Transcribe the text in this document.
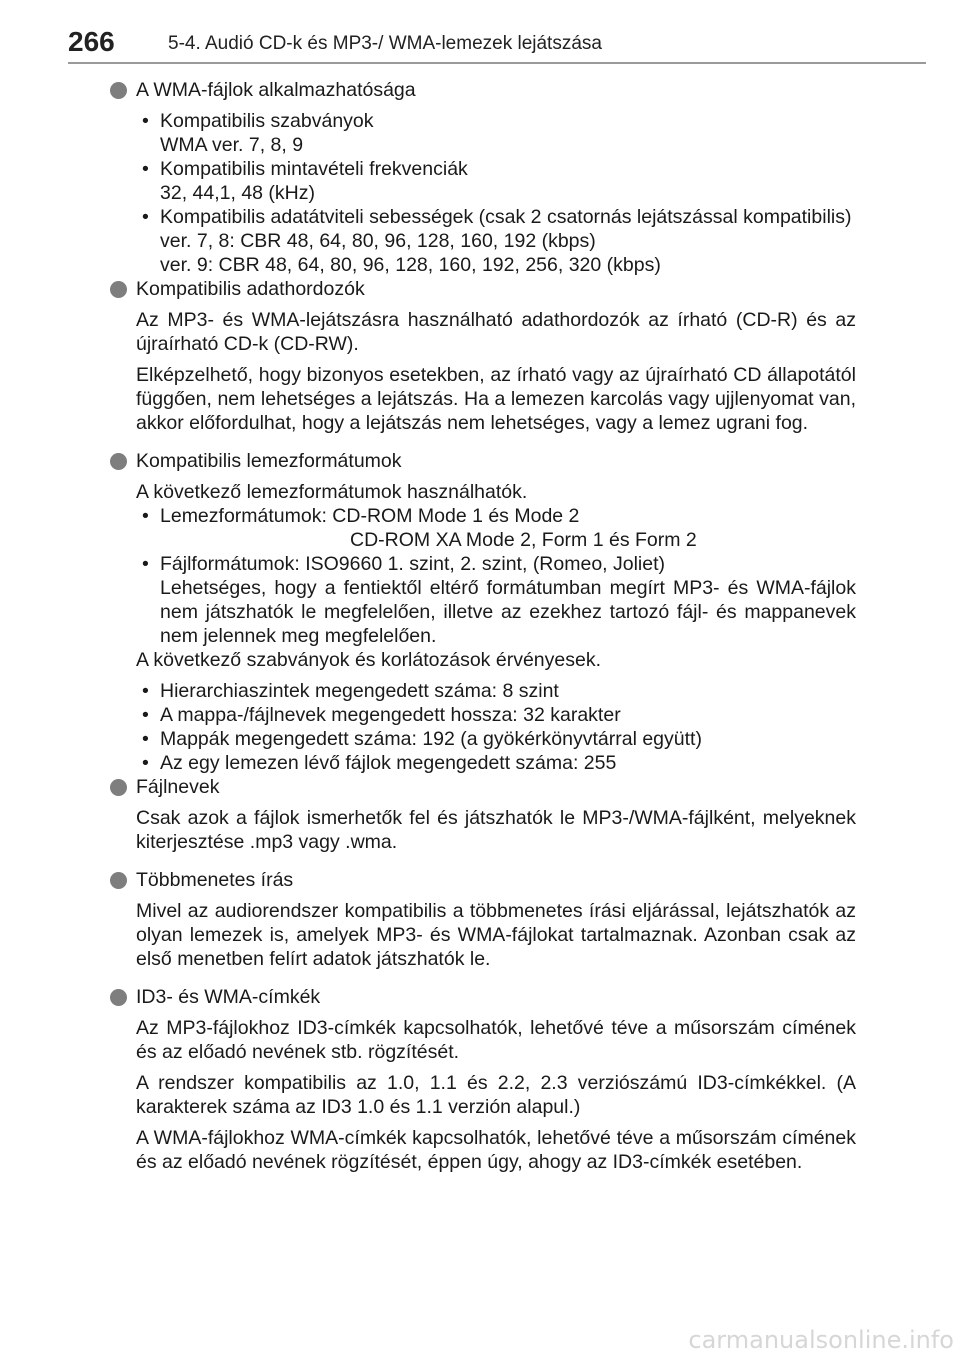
266	5-4. Audió CD-k és MP3-/ WMA-lemezek lejátszása
A WMA-fájlok alkalmazhatósága
• Kompatibilis szabványok
WMA ver. 7, 8, 9
• Kompatibilis mintavételi frekvenciák
32, 44,1, 48 (kHz)
• Kompatibilis adatátviteli sebességek (csak 2 csatornás lejátszással kompatibilis)
ver. 7, 8: CBR 48, 64, 80, 96, 128, 160, 192 (kbps)
ver. 9: CBR 48, 64, 80, 96, 128, 160, 192, 256, 320 (kbps)
Kompatibilis adathordozók

Az MP3- és WMA-lejátszásra használható adathordozók az írható (CD-R) és az újraírható CD-k (CD-RW).

Elképzelhető, hogy bizonyos esetekben, az írható vagy az újraírható CD állapotától függően, nem lehetséges a lejátszás. Ha a lemezen karcolás vagy ujjlenyomat van, akkor előfordulhat, hogy a lejátszás nem lehetséges, vagy a lemez ugrani fog.

Kompatibilis lemezformátumok

A következő lemezformátumok használhatók.

• Lemezformátumok: CD-ROM Mode 1 és Mode 2
CD-ROM XA Mode 2, Form 1 és Form 2
• Fájlformátumok: ISO9660 1. szint, 2. szint, (Romeo, Joliet)
Lehetséges, hogy a fentiektől eltérő formátumban megírt MP3- és WMA-fájlok nem játszhatók le megfelelően, illetve az ezekhez tartozó fájl- és mappanevek nem jelennek meg megfelelően.

A következő szabványok és korlátozások érvényesek.

• Hierarchiaszintek megengedett száma: 8 szint
• A mappa-/fájlnevek megengedett hossza: 32 karakter
• Mappák megengedett száma: 192 (a gyökérkönyvtárral együtt)
• Az egy lemezen lévő fájlok megengedett száma: 255
Fájlnevek

Csak azok a fájlok ismerhetők fel és játszhatók le MP3-/WMA-fájlként, melyeknek kiterjesztése .mp3 vagy .wma.

Többmenetes írás

Mivel az audiorendszer kompatibilis a többmenetes írási eljárással, lejátszhatók az olyan lemezek is, amelyek MP3- és WMA-fájlokat tartalmaznak. Azonban csak az első menetben felírt adatok játszhatók le.

ID3- és WMA-címkék

Az MP3-fájlokhoz ID3-címkék kapcsolhatók, lehetővé téve a műsorszám címének és az előadó nevének stb. rögzítését.

A rendszer kompatibilis az 1.0, 1.1 és 2.2, 2.3 verziószámú ID3-címkékkel. (A karakterek száma az ID3 1.0 és 1.1 verzión alapul.)

A WMA-fájlokhoz WMA-címkék kapcsolhatók, lehetővé téve a műsorszám címének és az előadó nevének rögzítését, éppen úgy, ahogy az ID3-címkék esetében.

carmanualsonline.info
